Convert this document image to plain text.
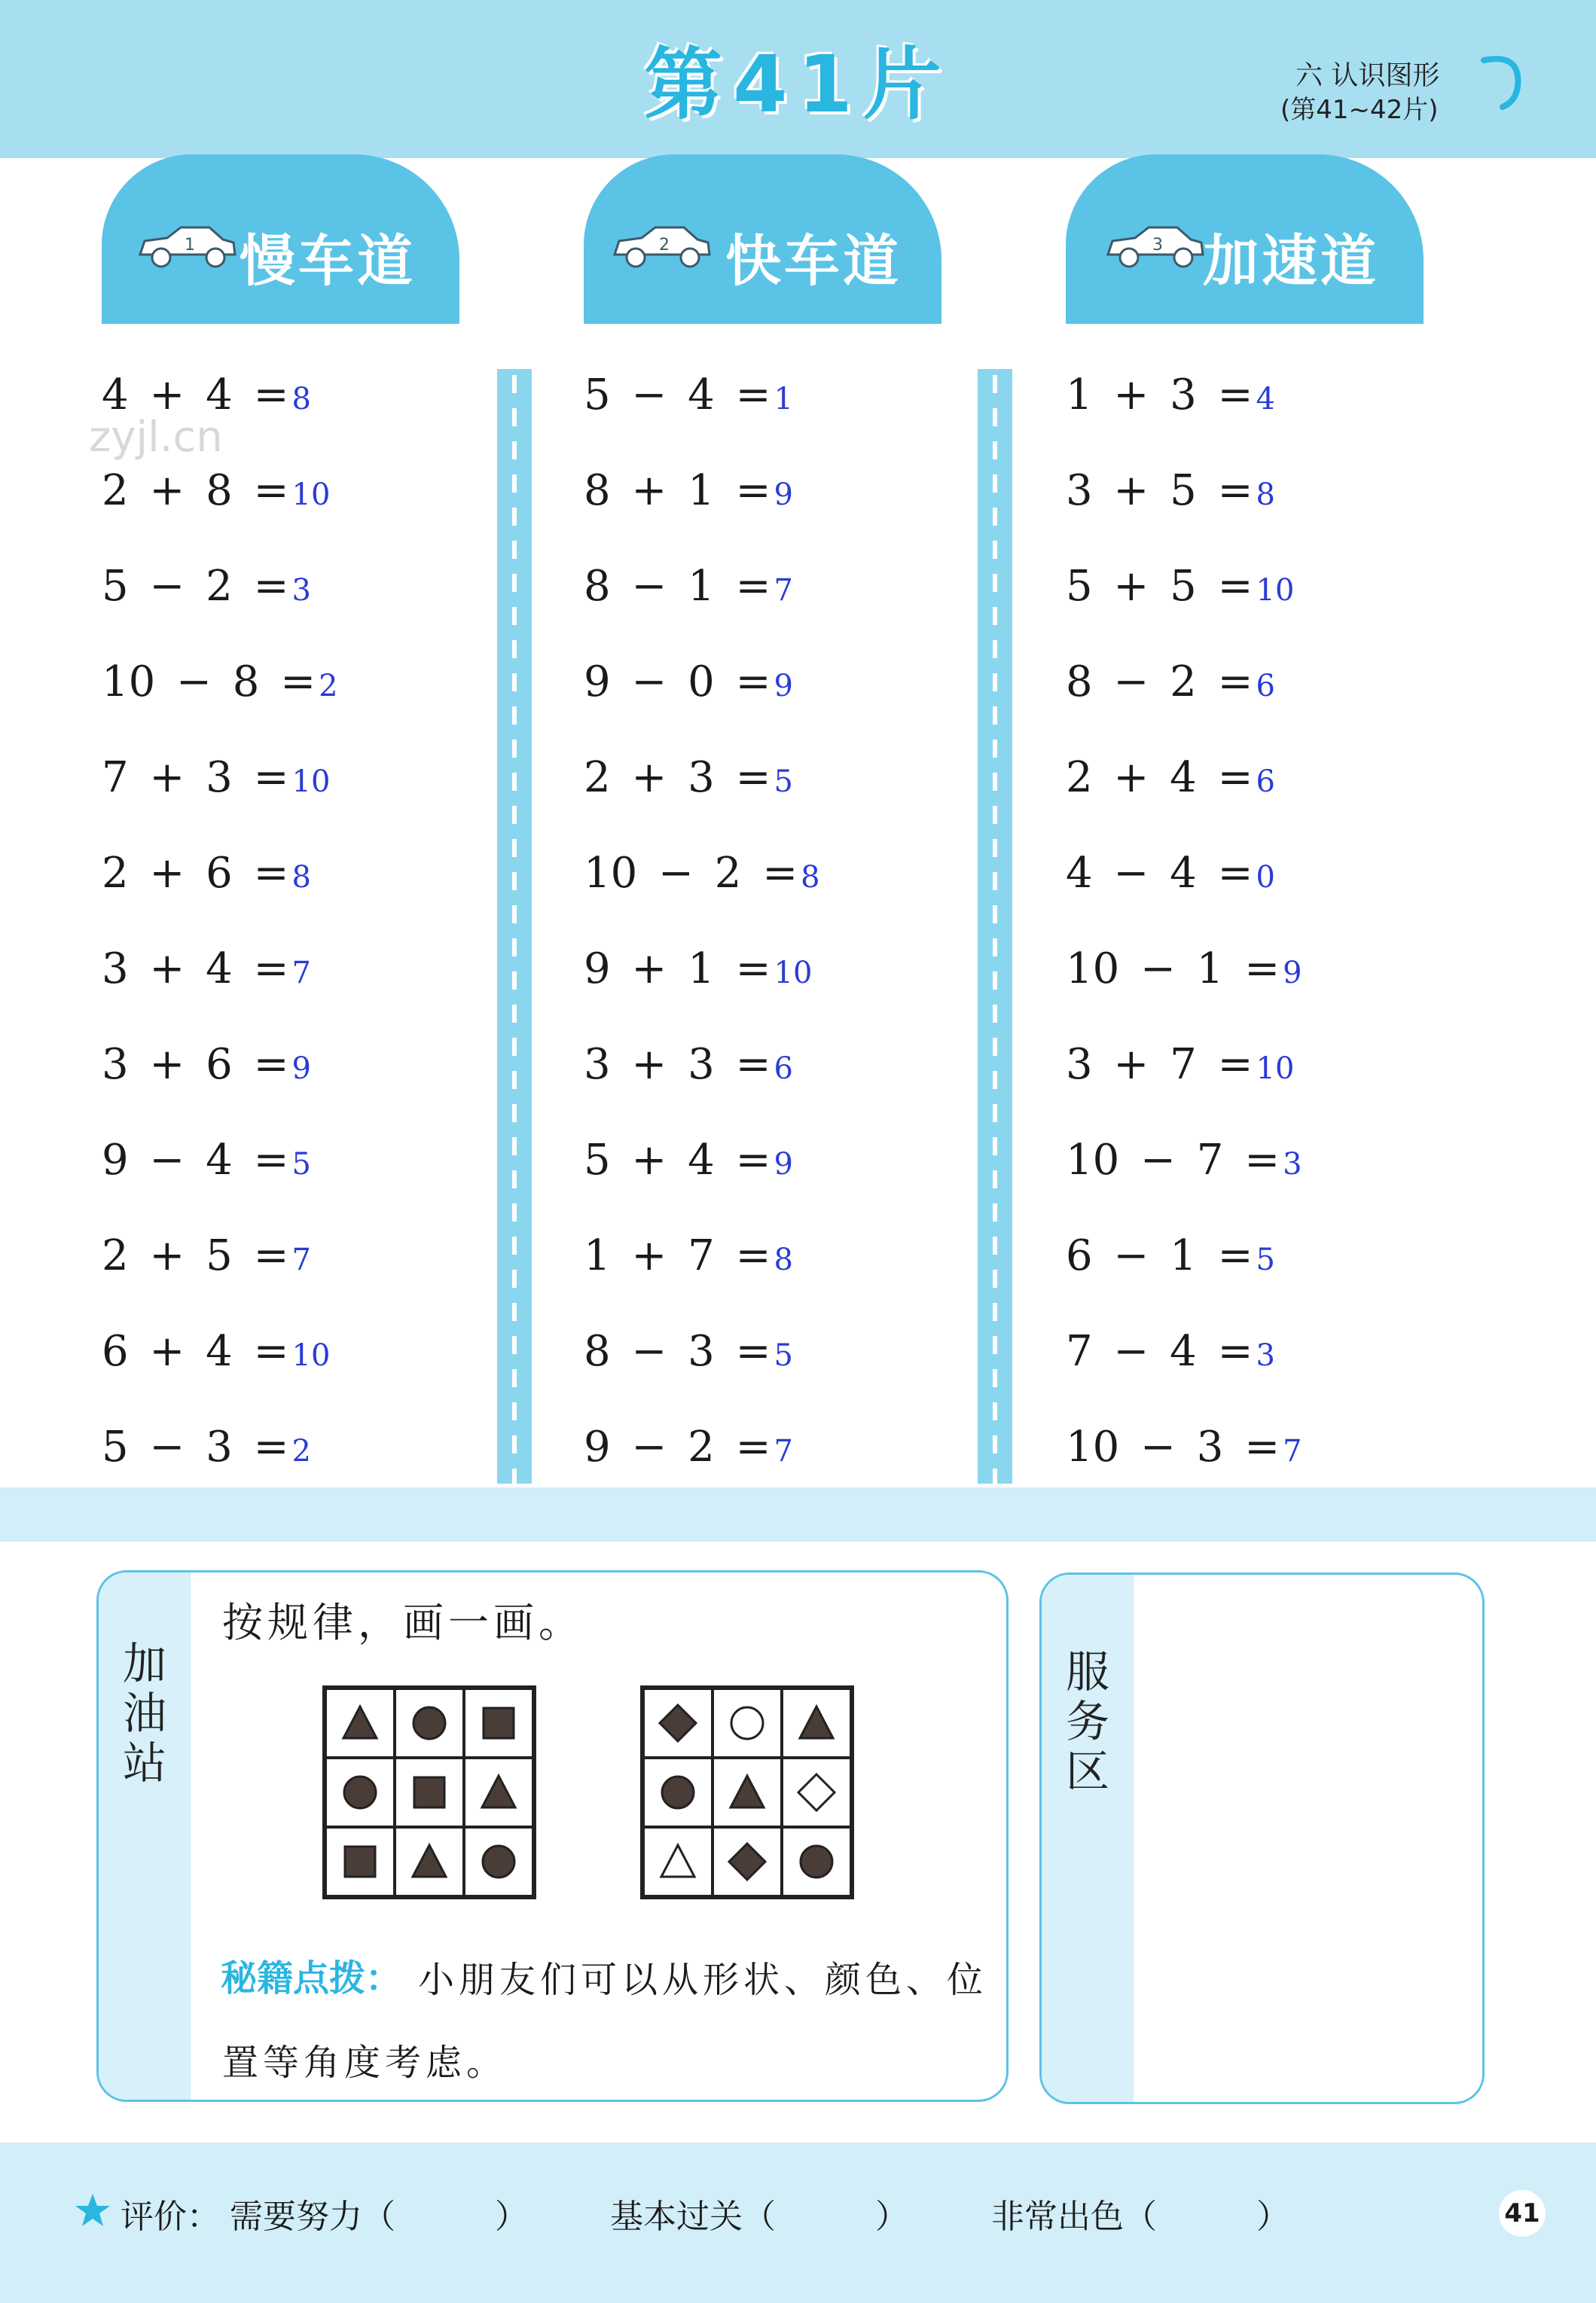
第41片	六 认识图形
(第41~42片)
1	2	3
慢车道	快车道	加速道
4 + 4 = 8
2 + 8 = 10
5 − 2 = 3
10 − 8 = 2
7 + 3 = 10
2 + 6 = 8
3 + 4 = 7
3 + 6 = 9
9 − 4 = 5
2 + 5 = 7
6 + 4 = 10
5 − 3 = 2
5 − 4 = 1
8 + 1 = 9
8 − 1 = 7
9 − 0 = 9
2 + 3 = 5
10 − 2 = 8
9 + 1 = 10
3 + 3 = 6
5 + 4 = 9
1 + 7 = 8
8 − 3 = 5
9 − 2 = 7
1 + 3 = 4
3 + 5 = 8
5 + 5 = 10
8 − 2 = 6
2 + 4 = 6
4 − 4 = 0
10 − 1 = 9
3 + 7 = 10
10 − 7 = 3
6 − 1 = 5
7 − 4 = 3
10 − 3 = 7
zyjl.cn
加油站
按规律，画一画。
秘籍点拨： 小朋友们可以从形状、颜色、位
置等角度考虑。
服务区
评价： 需要努力（　　　） 基本过关（　　　）	非常出色（　　　）	41
